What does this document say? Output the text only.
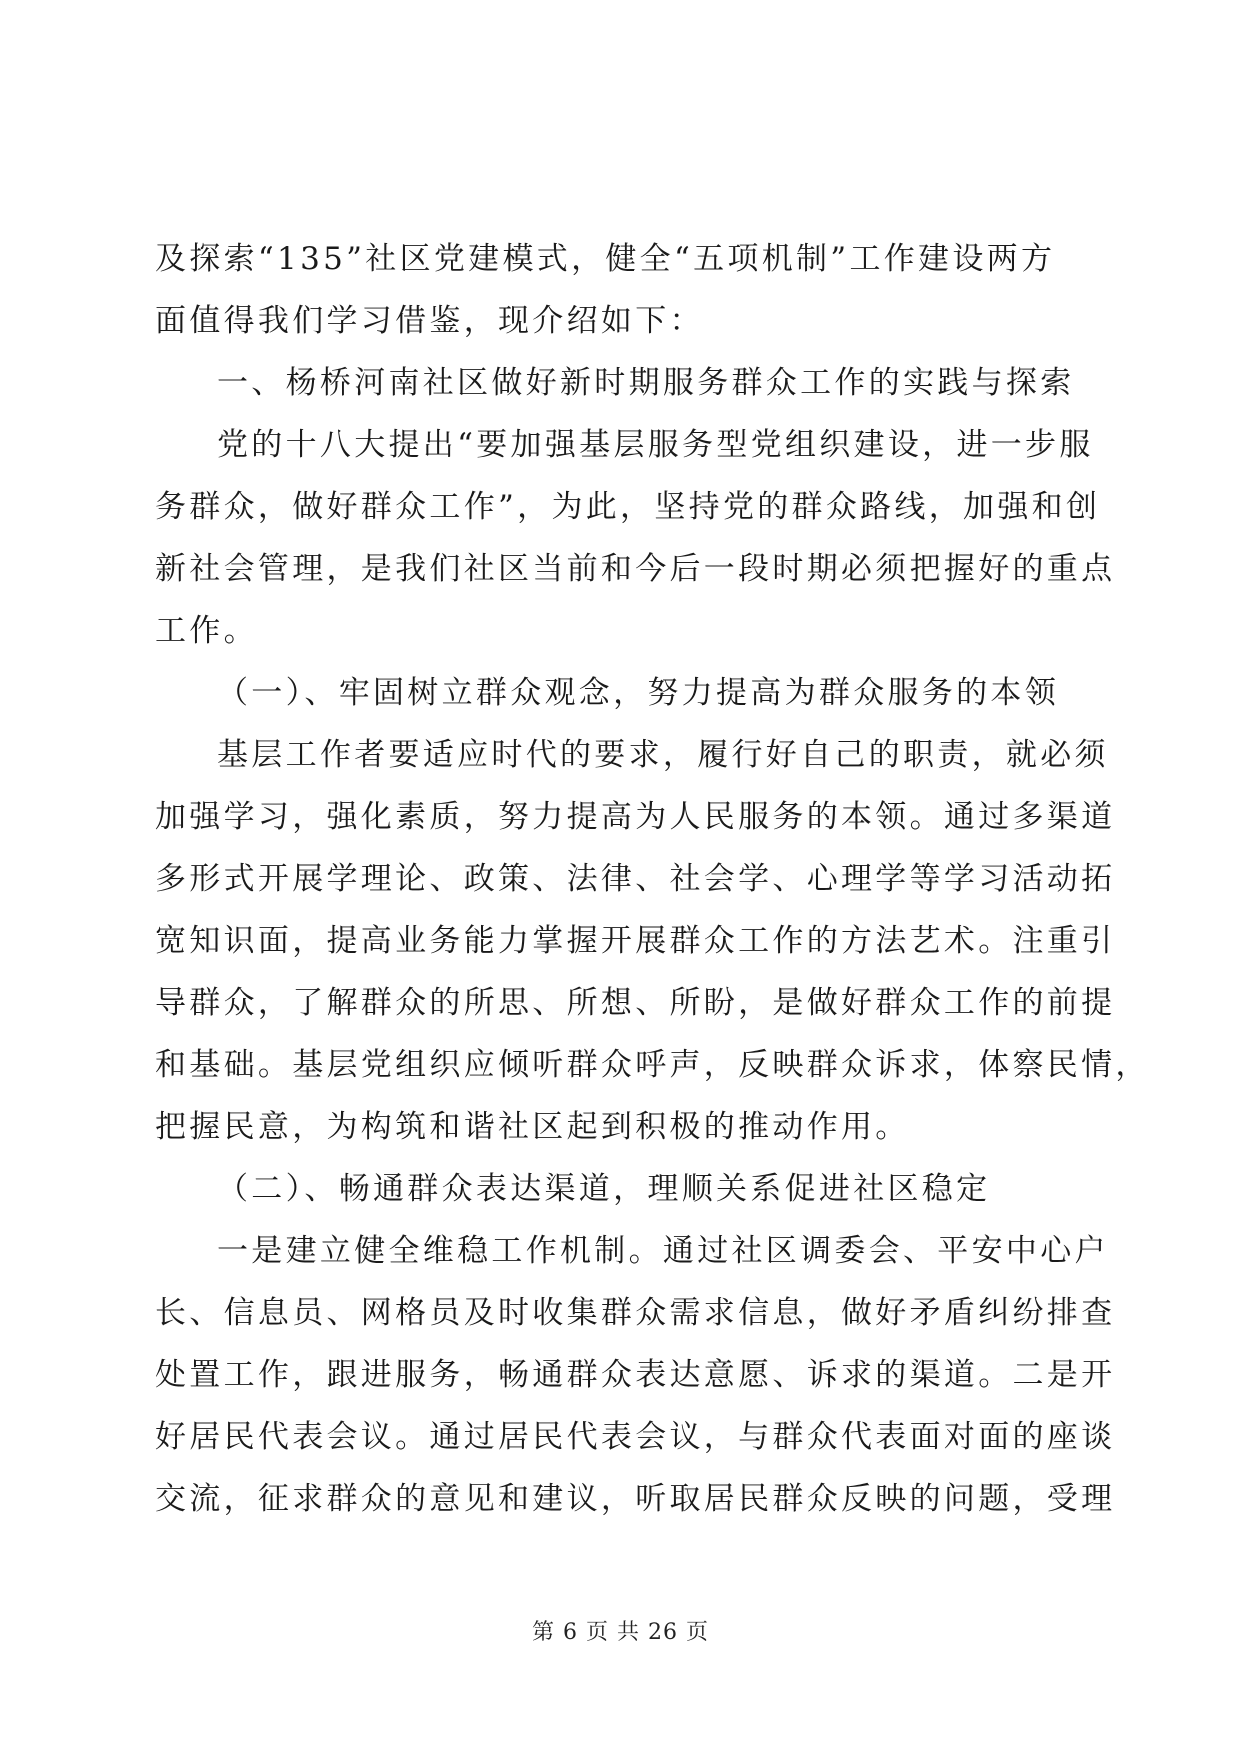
及探索“135”社区党建模式，健全“五项机制”工作建设两方
面值得我们学习借鉴，现介绍如下：
一、杨桥河南社区做好新时期服务群众工作的实践与探索
党的十八大提出“要加强基层服务型党组织建设，进一步服
务群众，做好群众工作”，为此，坚持党的群众路线，加强和创
新社会管理，是我们社区当前和今后一段时期必须把握好的重点
工作。
（一）、牢固树立群众观念，努力提高为群众服务的本领
基层工作者要适应时代的要求，履行好自己的职责，就必须
加强学习，强化素质，努力提高为人民服务的本领。通过多渠道
多形式开展学理论、政策、法律、社会学、心理学等学习活动拓
宽知识面，提高业务能力掌握开展群众工作的方法艺术。注重引
导群众，了解群众的所思、所想、所盼，是做好群众工作的前提
和基础。基层党组织应倾听群众呼声，反映群众诉求，体察民情，
把握民意，为构筑和谐社区起到积极的推动作用。
（二）、畅通群众表达渠道，理顺关系促进社区稳定
一是建立健全维稳工作机制。通过社区调委会、平安中心户
长、信息员、网格员及时收集群众需求信息，做好矛盾纠纷排查
处置工作，跟进服务，畅通群众表达意愿、诉求的渠道。二是开
好居民代表会议。通过居民代表会议，与群众代表面对面的座谈
交流，征求群众的意见和建议，听取居民群众反映的问题，受理
第 6 页 共 26 页
